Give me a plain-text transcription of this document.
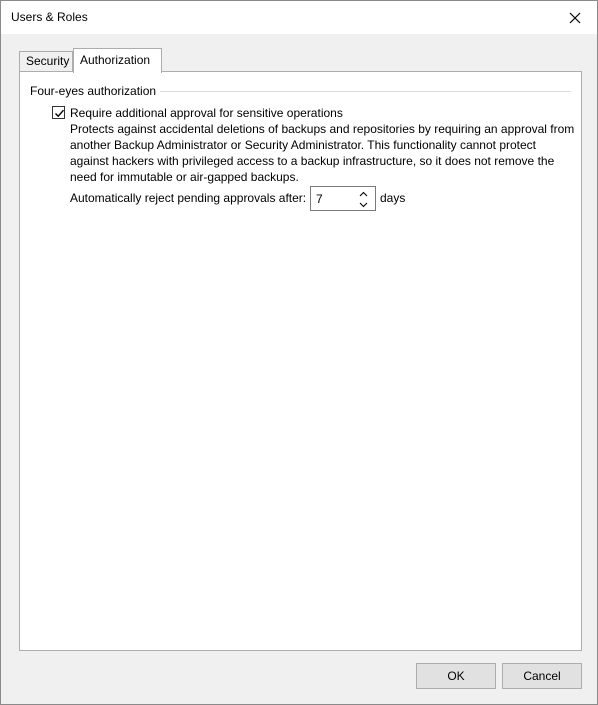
Users & Roles
Security Authorization
Four-eyes authorization
Require additional approval for sensitive operations
Protects against accidental deletions of backups and repositories by requiring an approval from another Backup Administrator or Security Administrator. This functionality cannot protect against hackers with privileged access to a backup infrastructure, so it does not remove the need for immutable or air-gapped backups.
Automatically reject pending approvals after: 7	days
OK	Cancel
